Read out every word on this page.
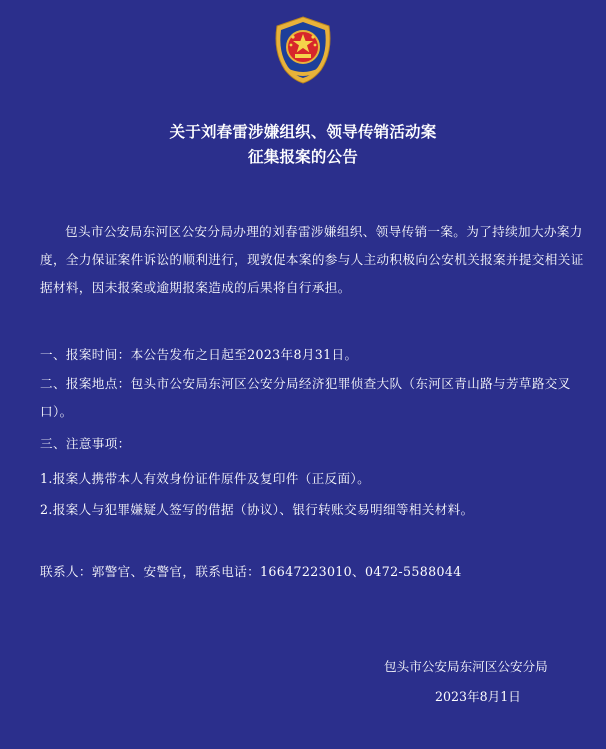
关于刘春雷涉嫌组织、领导传销活动案
征集报案的公告
包头市公安局东河区公安分局办理的刘春雷涉嫌组织、领导传销一案。为了持续加大办案力度，全力保证案件诉讼的顺利进行，现敦促本案的参与人主动积极向公安机关报案并提交相关证据材料，因未报案或逾期报案造成的后果将自行承担。
一、报案时间：本公告发布之日起至2023年8月31日。
二、报案地点：包头市公安局东河区公安分局经济犯罪侦查大队（东河区青山路与芳草路交叉口）。
三、注意事项：
1.报案人携带本人有效身份证件原件及复印件（正反面）。
2.报案人与犯罪嫌疑人签写的借据（协议）、银行转账交易明细等相关材料。
联系人：郭警官、安警官，联系电话：16647223010、0472-5588044
包头市公安局东河区公安分局
2023年8月1日
